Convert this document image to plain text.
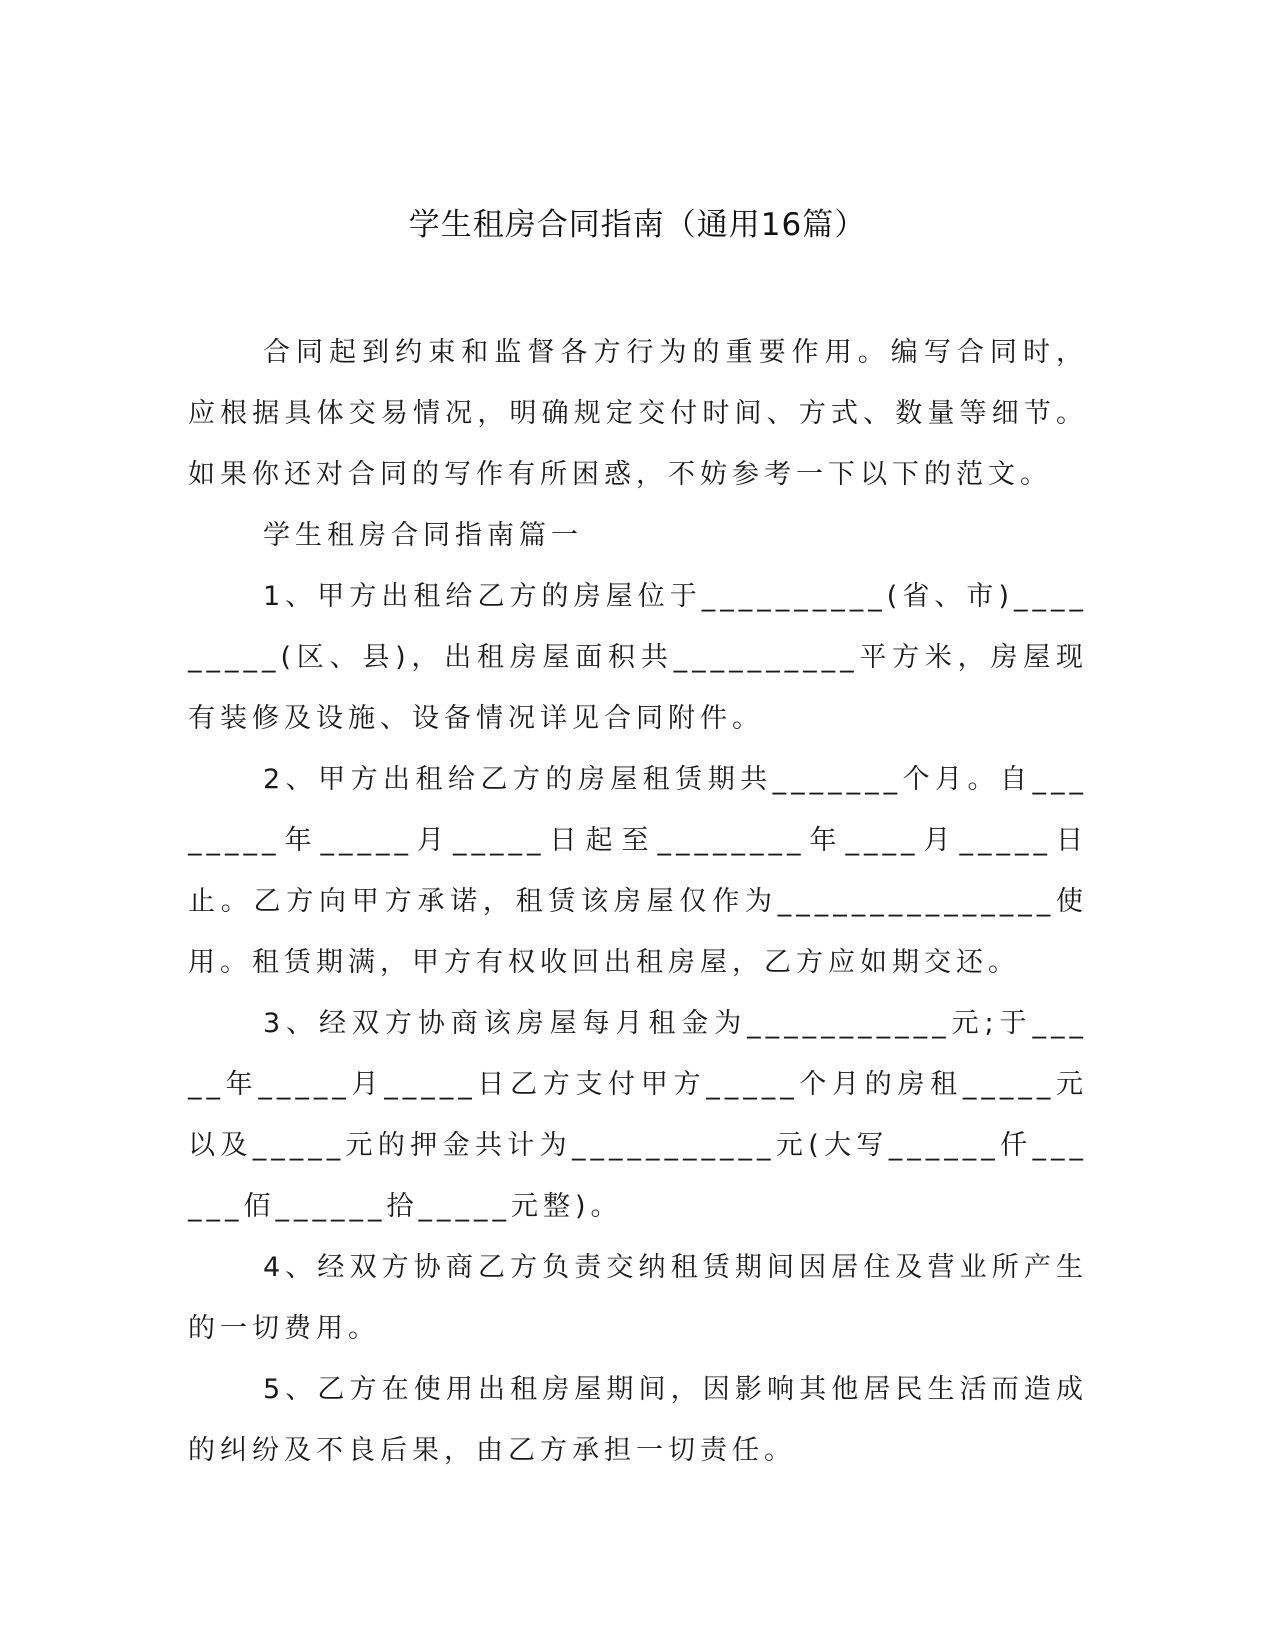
学生租房合同指南（通用16篇）

合同起到约束和监督各方行为的重要作用。编写合同时，应根据具体交易情况，明确规定交付时间、方式、数量等细节。如果你还对合同的写作有所困惑，不妨参考一下以下的范文。

学生租房合同指南篇一

1、甲方出租给乙方的房屋位于__________(省、市)_________(区、县)，出租房屋面积共__________平方米，房屋现有装修及设施、设备情况详见合同附件。

2、甲方出租给乙方的房屋租赁期共_______个月。自________年_____月_____日起至________年____月_____日止。乙方向甲方承诺，租赁该房屋仅作为_______________使用。租赁期满，甲方有权收回出租房屋，乙方应如期交还。

3、经双方协商该房屋每月租金为___________元;于_____年_____月_____日乙方支付甲方_____个月的房租_____元以及_____元的押金共计为___________元(大写______仟______佰______拾_____元整)。

4、经双方协商乙方负责交纳租赁期间因居住及营业所产生的一切费用。

5、乙方在使用出租房屋期间，因影响其他居民生活而造成的纠纷及不良后果，由乙方承担一切责任。
